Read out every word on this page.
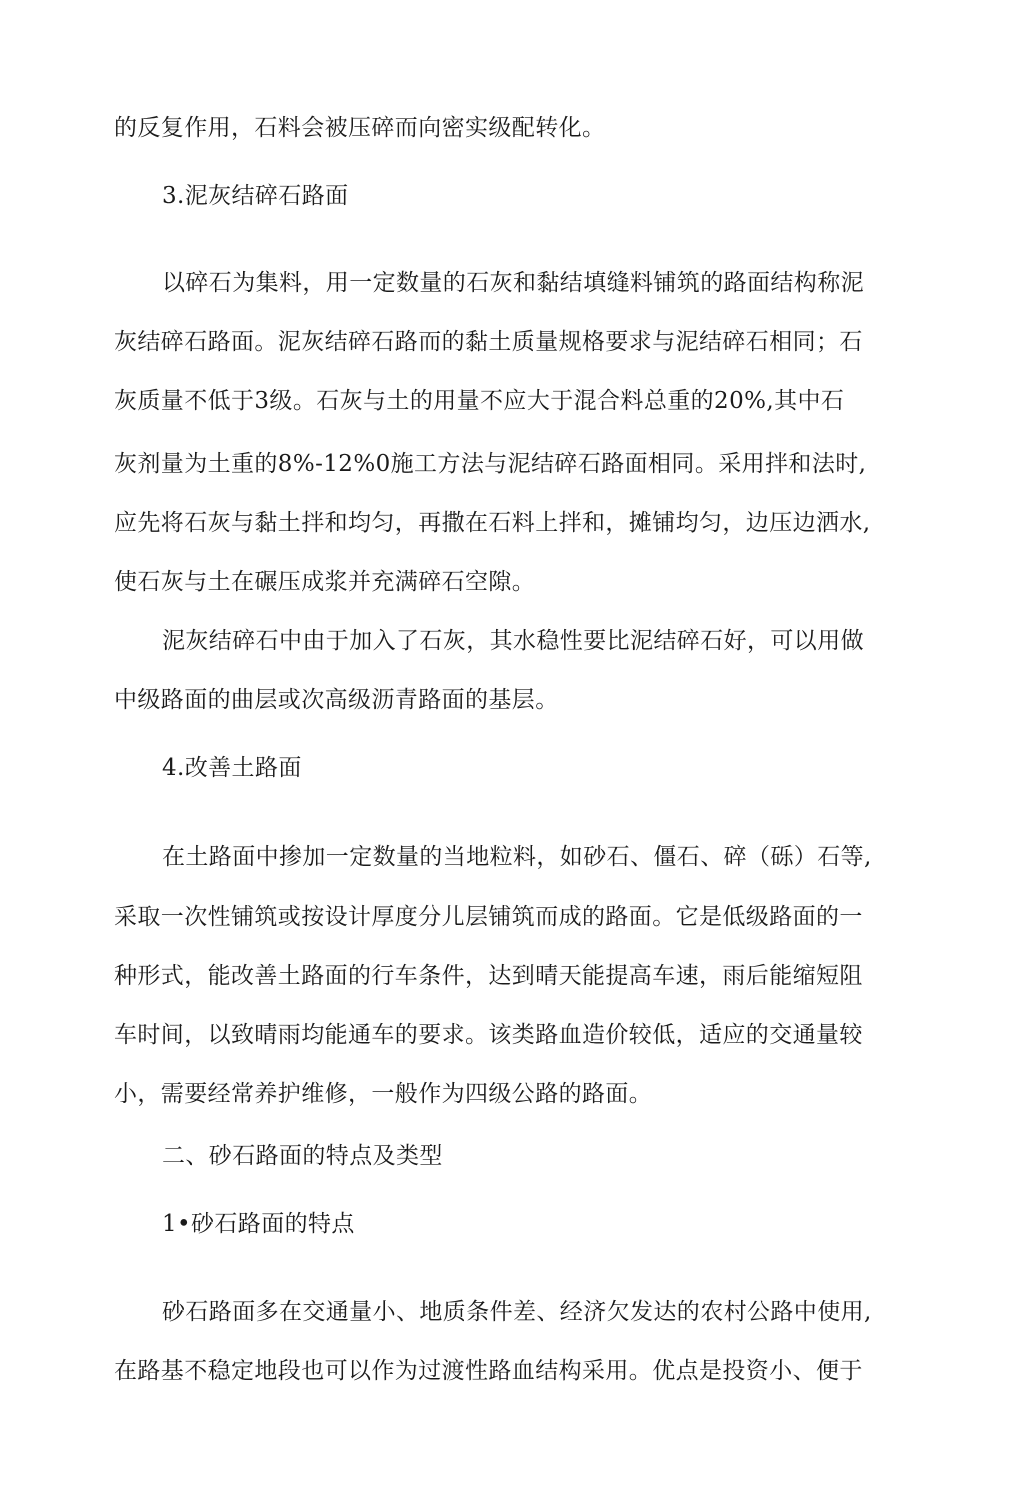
的反复作用，石料会被压碎而向密实级配转化。
3.泥灰结碎石路面
以碎石为集料，用一定数量的石灰和黏结填缝料铺筑的路面结构称泥
灰结碎石路面。泥灰结碎石路而的黏土质量规格要求与泥结碎石相同；石
灰质量不低于3级。石灰与土的用量不应大于混合料总重的20%,其中石
灰剂量为土重的8%-12%0施工方法与泥结碎石路面相同。采用拌和法时,
应先将石灰与黏土拌和均匀，再撒在石料上拌和，摊铺均匀，边压边洒水,
使石灰与土在碾压成浆并充满碎石空隙。
泥灰结碎石中由于加入了石灰，其水稳性要比泥结碎石好，可以用做
中级路面的曲层或次高级沥青路面的基层。
4.改善土路面
在土路面中掺加一定数量的当地粒料，如砂石、僵石、碎（砾）石等,
采取一次性铺筑或按设计厚度分儿层铺筑而成的路面。它是低级路面的一
种形式，能改善土路面的行车条件，达到晴天能提高车速，雨后能缩短阻
车时间，以致晴雨均能通车的要求。该类路血造价较低，适应的交通量较
小，需要经常养护维修，一般作为四级公路的路面。
二、砂石路面的特点及类型
1•砂石路面的特点
砂石路面多在交通量小、地质条件差、经济欠发达的农村公路中使用,
在路基不稳定地段也可以作为过渡性路血结构采用。优点是投资小、便于
